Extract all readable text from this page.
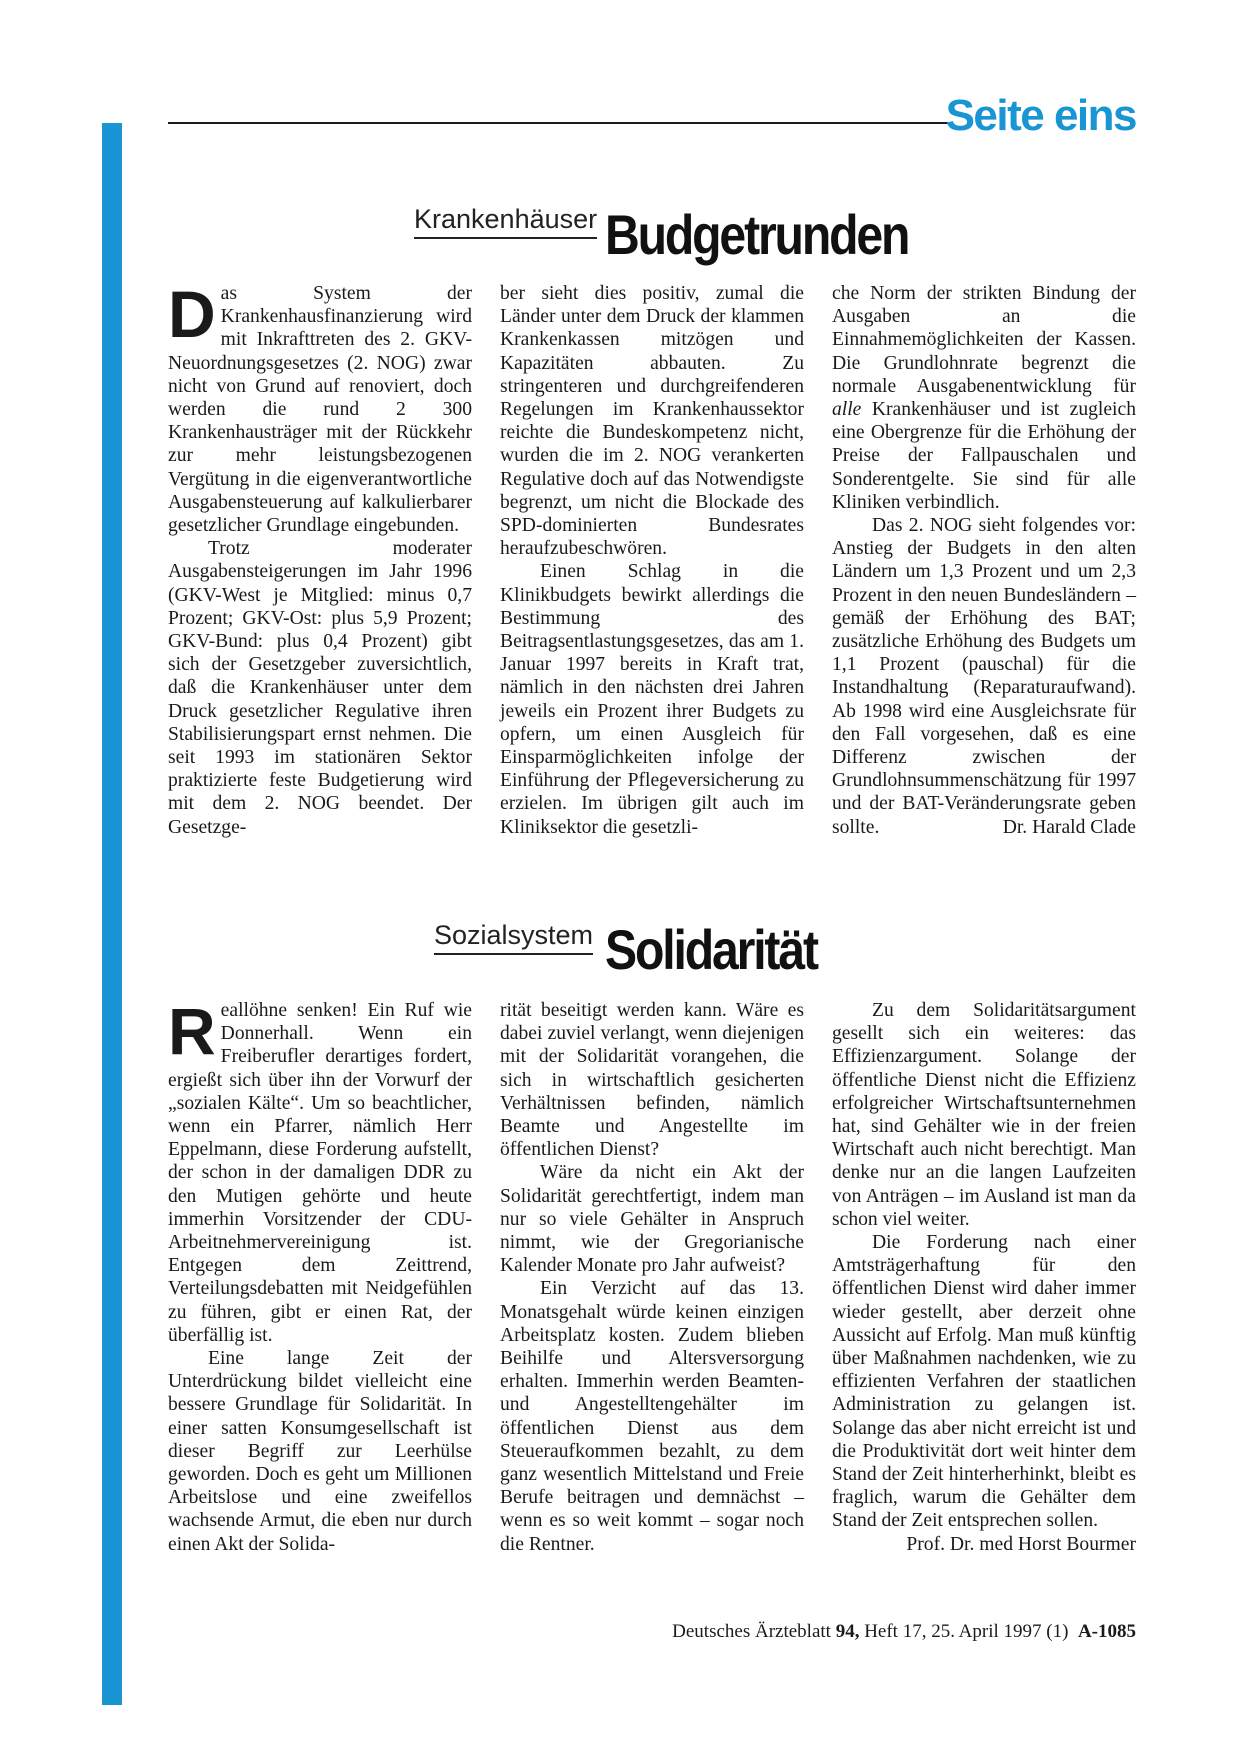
Seite eins
Krankenhäuser Budgetrunden

Das System der Krankenhausfinanzierung wird mit Inkrafttreten des 2. GKV-Neuordnungsgesetzes (2. NOG) zwar nicht von Grund auf renoviert, doch werden die rund 2 300 Krankenhausträger mit der Rückkehr zur mehr leistungsbezogenen Vergütung in die eigenverantwortliche Ausgabensteuerung auf kalkulierbarer gesetzlicher Grundlage eingebunden.

Trotz moderater Ausgabensteigerungen im Jahr 1996 (GKV-West je Mitglied: minus 0,7 Prozent; GKV-Ost: plus 5,9 Prozent; GKV-Bund: plus 0,4 Prozent) gibt sich der Gesetzgeber zuversichtlich, daß die Krankenhäuser unter dem Druck gesetzlicher Regulative ihren Stabilisierungspart ernst nehmen. Die seit 1993 im stationären Sektor praktizierte feste Budgetierung wird mit dem 2. NOG beendet. Der Gesetzge-

ber sieht dies positiv, zumal die Länder unter dem Druck der klammen Krankenkassen mitzögen und Kapazitäten abbauten. Zu stringenteren und durchgreifenderen Regelungen im Krankenhaussektor reichte die Bundeskompetenz nicht, wurden die im 2. NOG verankerten Regulative doch auf das Notwendigste begrenzt, um nicht die Blockade des SPD-dominierten Bundesrates heraufzubeschwören.

Einen Schlag in die Klinikbudgets bewirkt allerdings die Bestimmung des Beitragsentlastungsgesetzes, das am 1. Januar 1997 bereits in Kraft trat, nämlich in den nächsten drei Jahren jeweils ein Prozent ihrer Budgets zu opfern, um einen Ausgleich für Einsparmöglichkeiten infolge der Einführung der Pflegeversicherung zu erzielen. Im übrigen gilt auch im Kliniksektor die gesetzli-

che Norm der strikten Bindung der Ausgaben an die Einnahmemöglichkeiten der Kassen. Die Grundlohnrate begrenzt die normale Ausgabenentwicklung für alle Krankenhäuser und ist zugleich eine Obergrenze für die Erhöhung der Preise der Fallpauschalen und Sonderentgelte. Sie sind für alle Kliniken verbindlich.

Das 2. NOG sieht folgendes vor: Anstieg der Budgets in den alten Ländern um 1,3 Prozent und um 2,3 Prozent in den neuen Bundesländern – gemäß der Erhöhung des BAT; zusätzliche Erhöhung des Budgets um 1,1 Prozent (pauschal) für die Instandhaltung (Reparaturaufwand). Ab 1998 wird eine Ausgleichsrate für den Fall vorgesehen, daß es eine Differenz zwischen der Grundlohnsummenschätzung für 1997 und der BAT-Veränderungsrate geben sollte.	Dr. Harald Clade

Sozialsystem Solidarität

Reallöhne senken! Ein Ruf wie Donnerhall. Wenn ein Freiberufler derartiges fordert, ergießt sich über ihn der Vorwurf der „sozialen Kälte“. Um so beachtlicher, wenn ein Pfarrer, nämlich Herr Eppelmann, diese Forderung aufstellt, der schon in der damaligen DDR zu den Mutigen gehörte und heute immerhin Vorsitzender der CDU-Arbeitnehmervereinigung ist. Entgegen dem Zeittrend, Verteilungsdebatten mit Neidgefühlen zu führen, gibt er einen Rat, der überfällig ist.

Eine lange Zeit der Unterdrückung bildet vielleicht eine bessere Grundlage für Solidarität. In einer satten Konsumgesellschaft ist dieser Begriff zur Leerhülse geworden. Doch es geht um Millionen Arbeitslose und eine zweifellos wachsende Armut, die eben nur durch einen Akt der Solida-

rität beseitigt werden kann. Wäre es dabei zuviel verlangt, wenn diejenigen mit der Solidarität vorangehen, die sich in wirtschaftlich gesicherten Verhältnissen befinden, nämlich Beamte und Angestellte im öffentlichen Dienst?

Wäre da nicht ein Akt der Solidarität gerechtfertigt, indem man nur so viele Gehälter in Anspruch nimmt, wie der Gregorianische Kalender Monate pro Jahr aufweist?

Ein Verzicht auf das 13. Monatsgehalt würde keinen einzigen Arbeitsplatz kosten. Zudem blieben Beihilfe und Altersversorgung erhalten. Immerhin werden Beamten- und Angestelltengehälter im öffentlichen Dienst aus dem Steueraufkommen bezahlt, zu dem ganz wesentlich Mittelstand und Freie Berufe beitragen und demnächst – wenn es so weit kommt – sogar noch die Rentner.

Zu dem Solidaritätsargument gesellt sich ein weiteres: das Effizienzargument. Solange der öffentliche Dienst nicht die Effizienz erfolgreicher Wirtschaftsunternehmen hat, sind Gehälter wie in der freien Wirtschaft auch nicht berechtigt. Man denke nur an die langen Laufzeiten von Anträgen – im Ausland ist man da schon viel weiter.

Die Forderung nach einer Amtsträgerhaftung für den öffentlichen Dienst wird daher immer wieder gestellt, aber derzeit ohne Aussicht auf Erfolg. Man muß künftig über Maßnahmen nachdenken, wie zu effizienten Verfahren der staatlichen Administration zu gelangen ist. Solange das aber nicht erreicht ist und die Produktivität dort weit hinter dem Stand der Zeit hinterherhinkt, bleibt es fraglich, warum die Gehälter dem Stand der Zeit entsprechen sollen.
Prof. Dr. med Horst Bourmer

Deutsches Ärzteblatt 94, Heft 17, 25. April 1997 (1) A-1085
